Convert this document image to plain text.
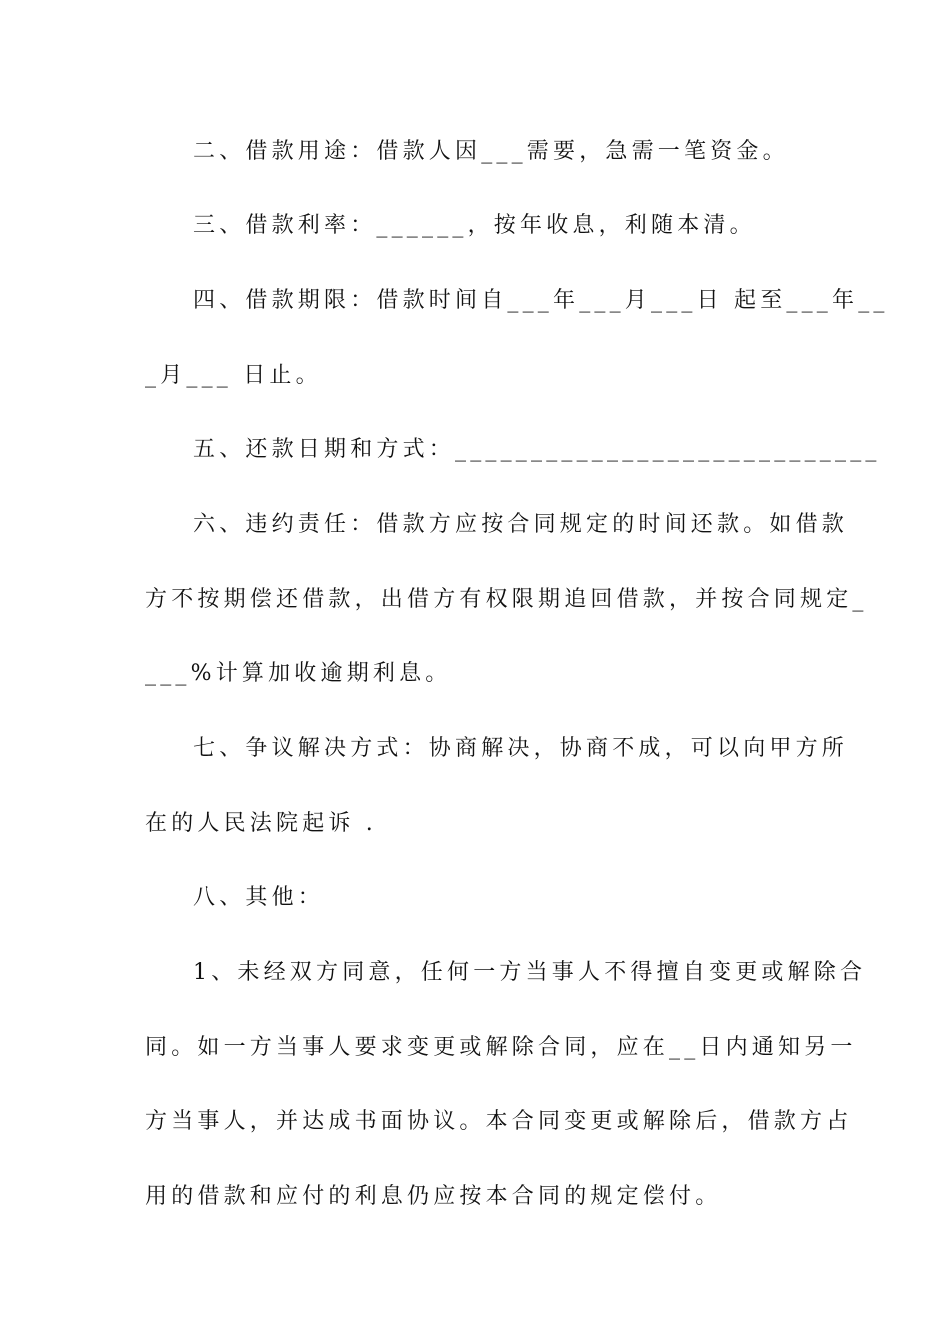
二、借款用途：借款人因___需要，急需一笔资金。
三、借款利率：______，按年收息，利随本清。
四、借款期限：借款时间自___年___月___日 起至___年__
_月___ 日止。
五、还款日期和方式：____________________________
六、违约责任：借款方应按合同规定的时间还款。如借款
方不按期偿还借款，出借方有权限期追回借款，并按合同规定_
___%计算加收逾期利息。
七、争议解决方式：协商解决，协商不成，可以向甲方所
在的人民法院起诉 .
八、其他：
1、未经双方同意，任何一方当事人不得擅自变更或解除合
同。如一方当事人要求变更或解除合同，应在__日内通知另一
方当事人，并达成书面协议。本合同变更或解除后，借款方占
用的借款和应付的利息仍应按本合同的规定偿付。
